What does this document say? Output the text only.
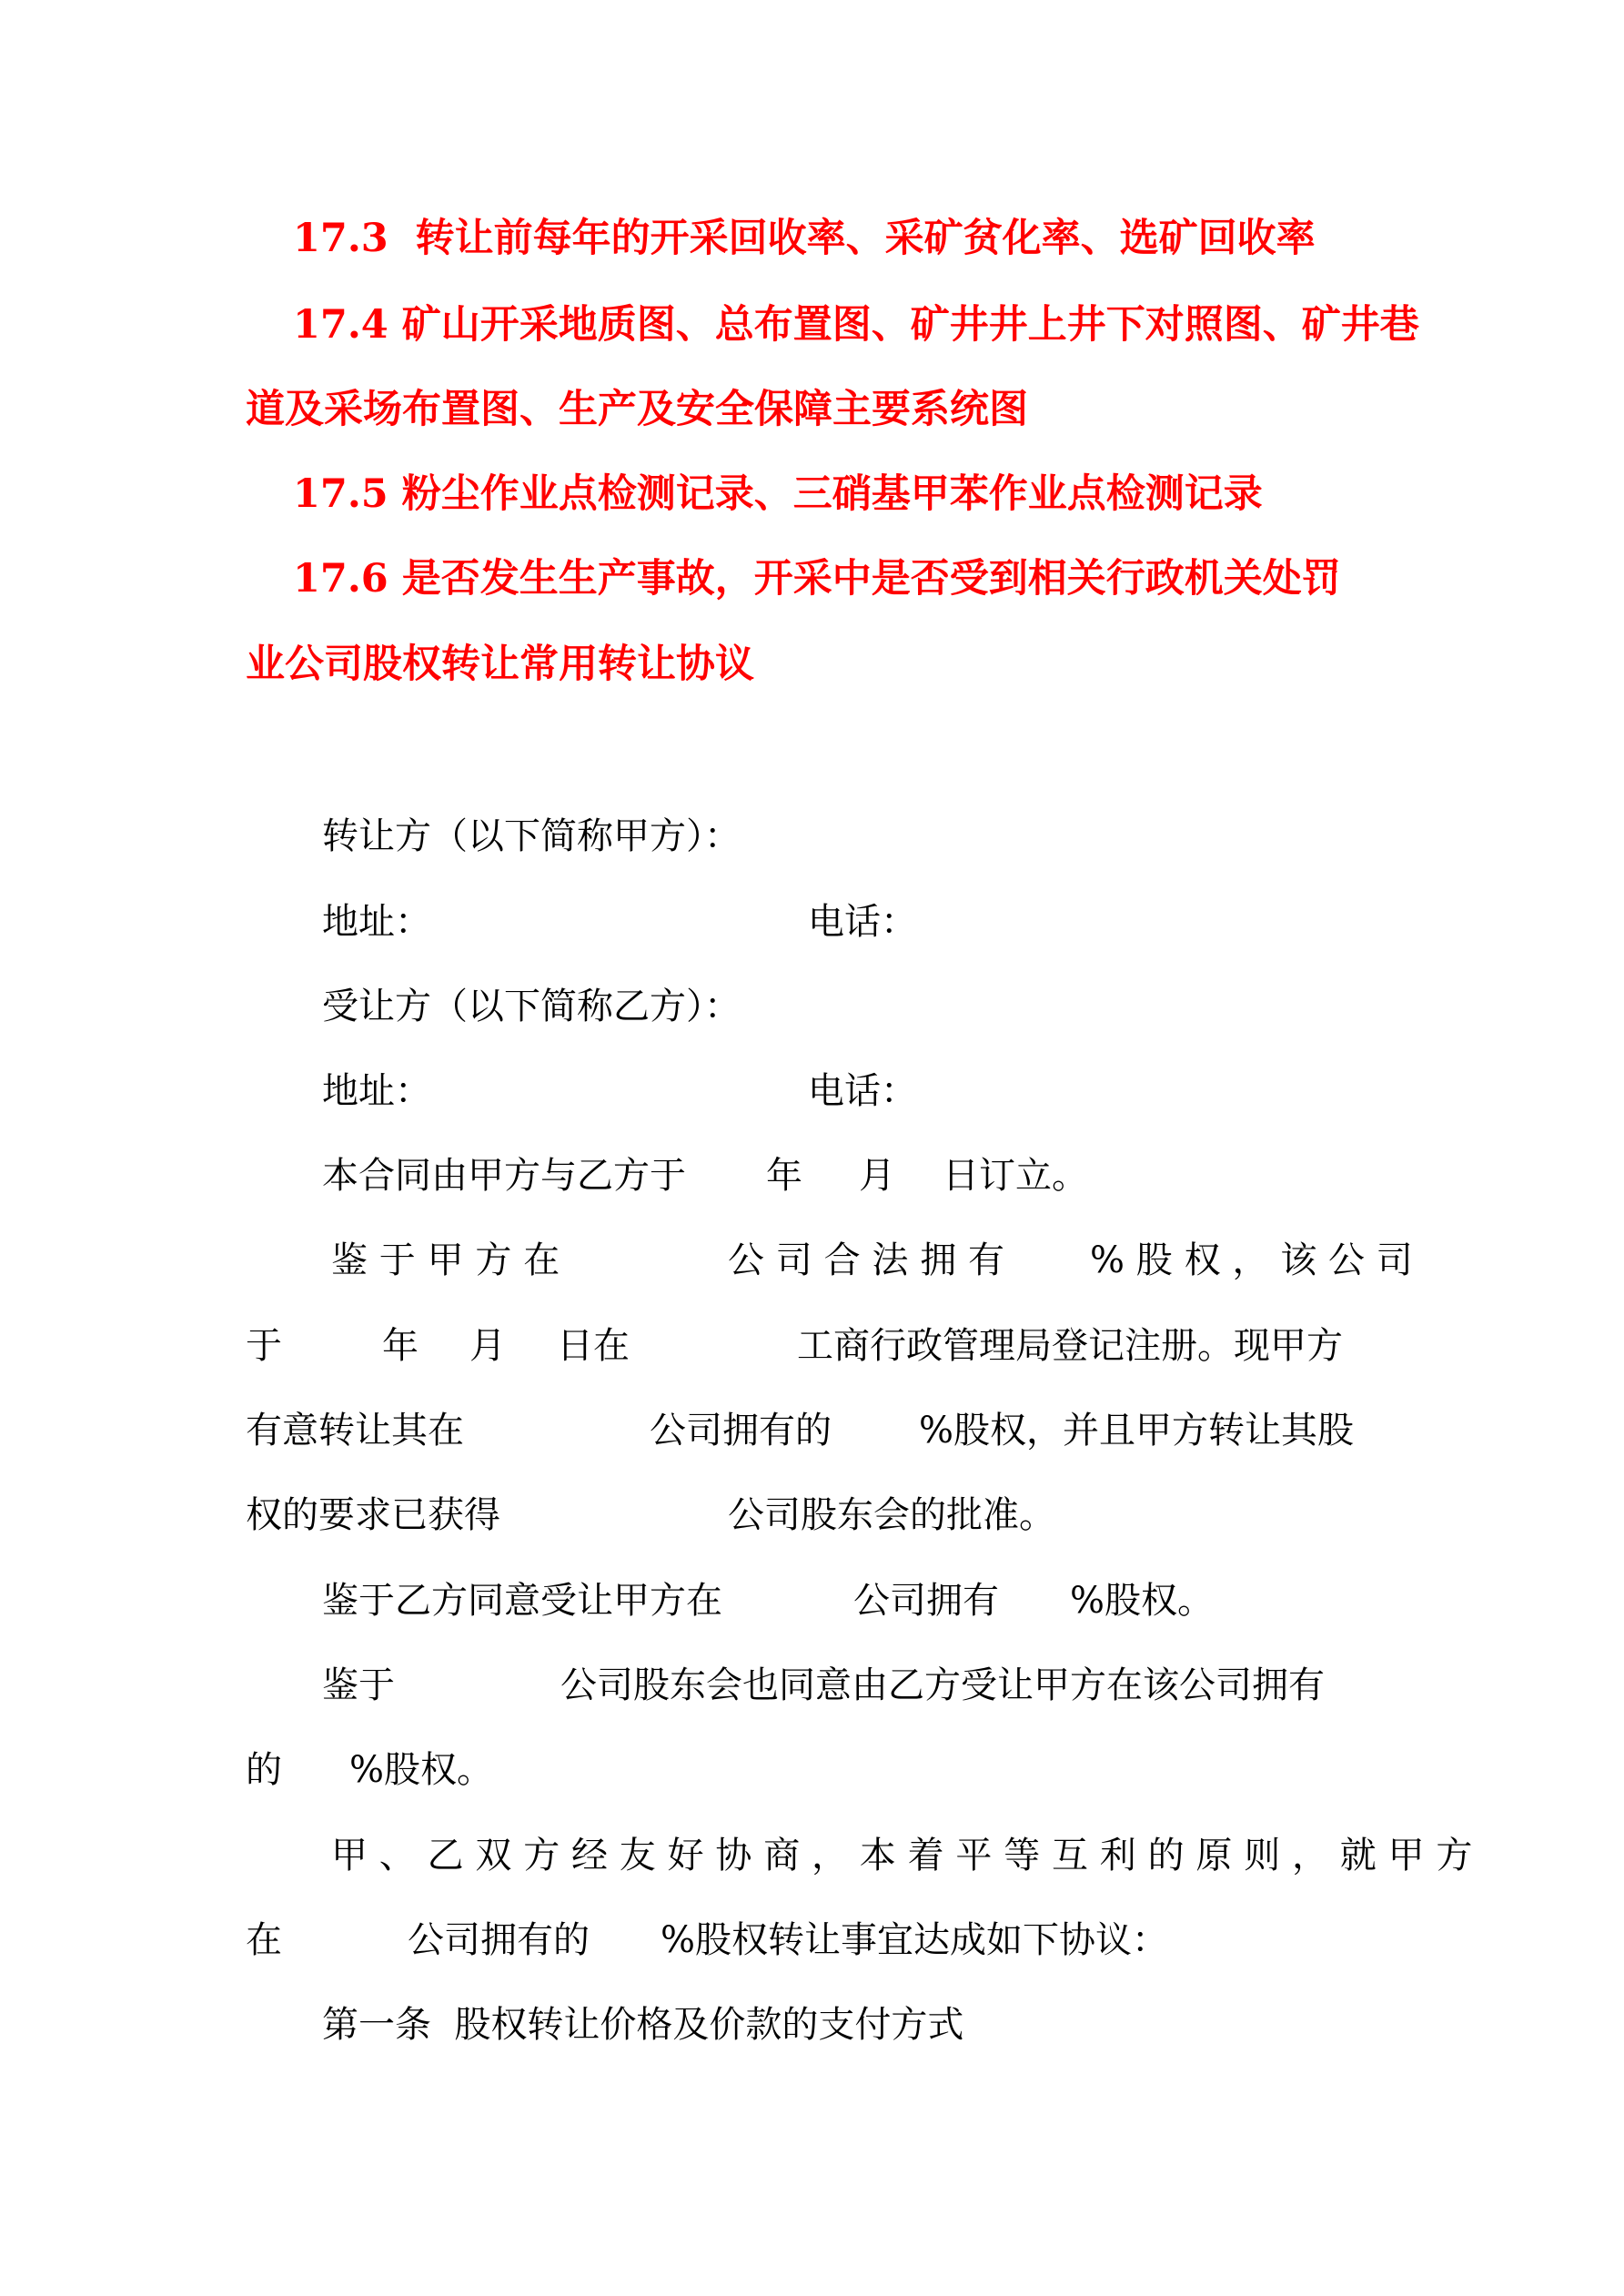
17.3  转让前每年的开采回收率、采矿贫化率、选矿回收率
17.4 矿山开采地质图、总布置图、矿井井上井下对照图、矿井巷
道及采场布置图、生产及安全保障主要系统图
17.5 粉尘作业点检测记录、三硝基甲苯作业点检测记录
17.6 是否发生生产事故，开采中是否受到相关行政机关处罚
业公司股权转让常用转让协议
转让方（以下简称甲方）：
地址：	电话：
受让方（以下简称乙方）：
地址：	电话：
本合同由甲方与乙方于 年 月 日订立。
鉴于甲方在	公司合法拥有 %股权，该公司
于	年 月 日在	工商行政管理局登记注册。现甲方
有意转让其在	公司拥有的 %股权，并且甲方转让其股
权的要求已获得	公司股东会的批准。
鉴于乙方同意受让甲方在	公司拥有 %股权。
鉴于	公司股东会也同意由乙方受让甲方在该公司拥有
的 %股权。
甲、乙双方经友好协商，本着平等互利的原则，就甲方
在	公司拥有的 %股权转让事宜达成如下协议：
第一条  股权转让价格及价款的支付方式
